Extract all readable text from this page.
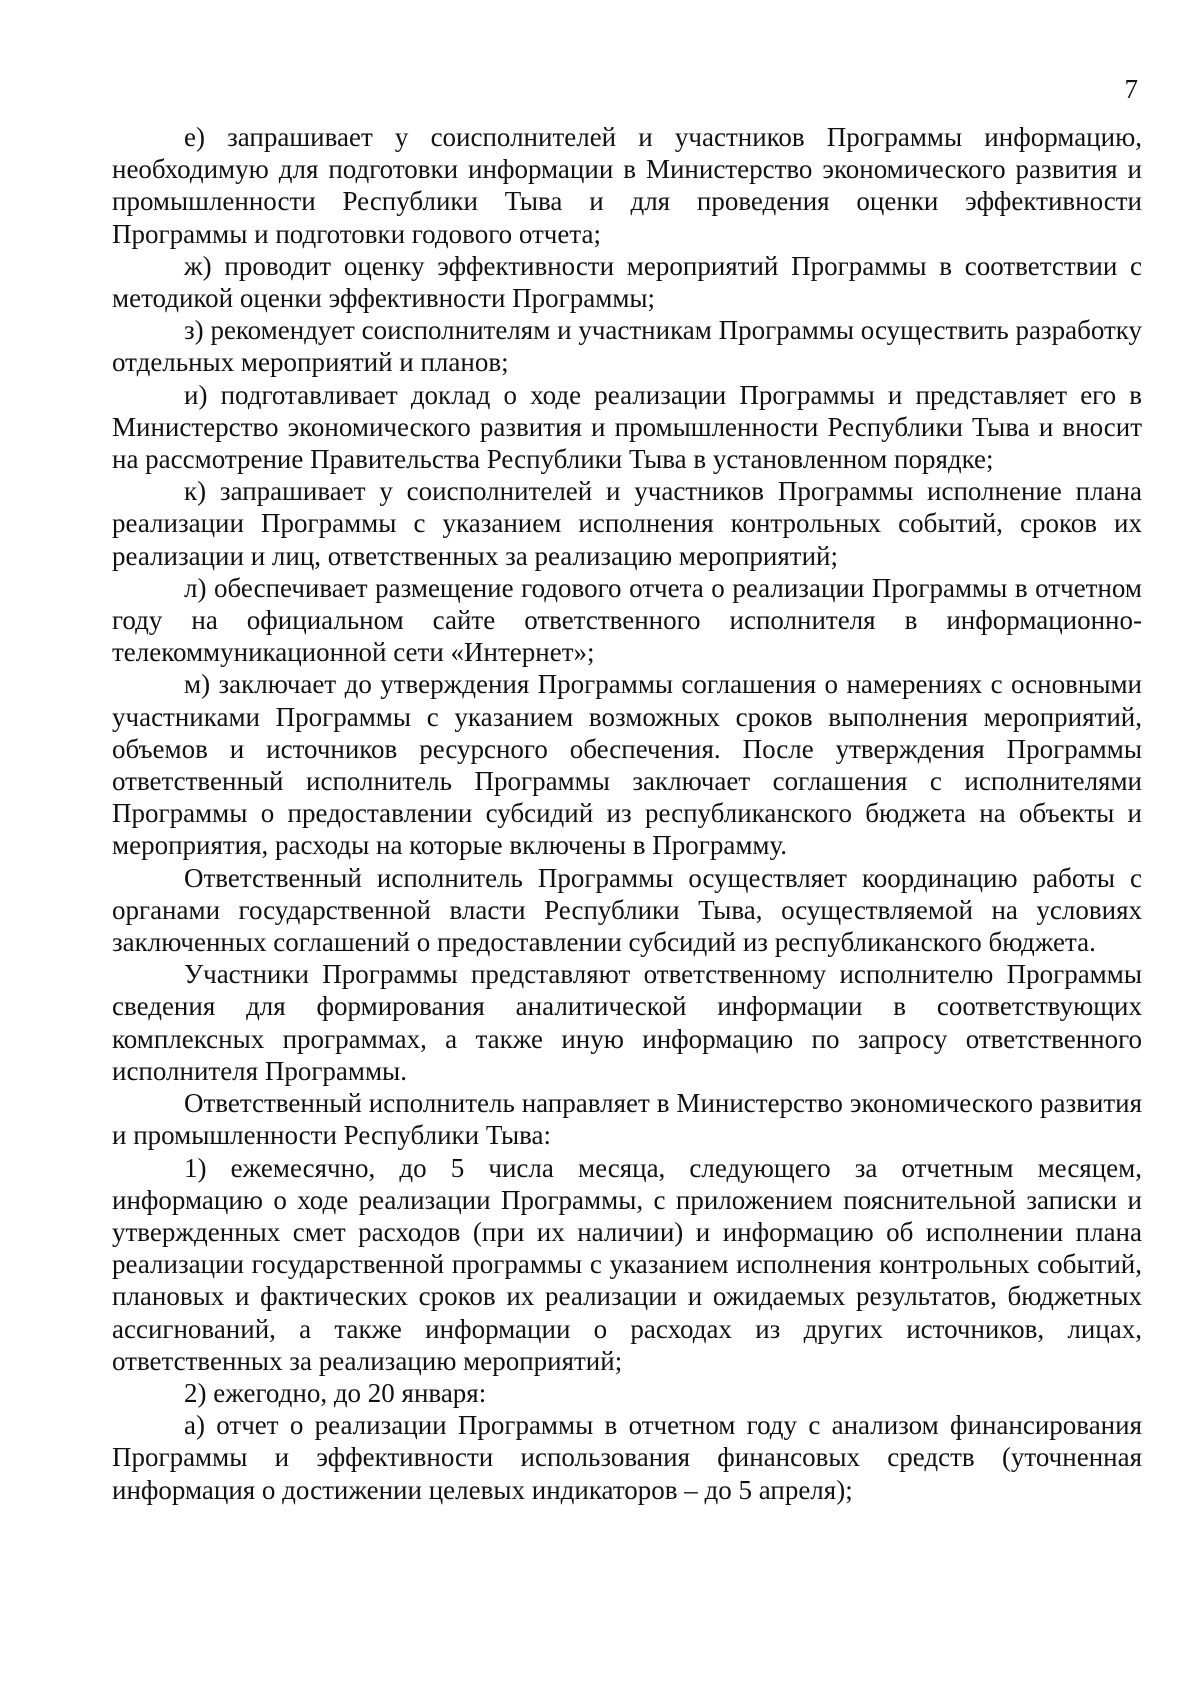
7

е) запрашивает у соисполнителей и участников Программы информацию, необходимую для подготовки информации в Министерство экономического развития и промышленности Республики Тыва и для проведения оценки эффективности Программы и подготовки годового отчета;

ж) проводит оценку эффективности мероприятий Программы в соответствии с методикой оценки эффективности Программы;

з) рекомендует соисполнителям и участникам Программы осуществить разработку отдельных мероприятий и планов;

и) подготавливает доклад о ходе реализации Программы и представляет его в Министерство экономического развития и промышленности Республики Тыва и вносит на рассмотрение Правительства Республики Тыва в установленном порядке;

к) запрашивает у соисполнителей и участников Программы исполнение плана реализации Программы с указанием исполнения контрольных событий, сроков их реализации и лиц, ответственных за реализацию мероприятий;

л) обеспечивает размещение годового отчета о реализации Программы в отчетном году на официальном сайте ответственного исполнителя в информационно-телекоммуникационной сети «Интернет»;

м) заключает до утверждения Программы соглашения о намерениях с основными участниками Программы с указанием возможных сроков выполнения мероприятий, объемов и источников ресурсного обеспечения. После утверждения Программы ответственный исполнитель Программы заключает соглашения с исполнителями Программы о предоставлении субсидий из республиканского бюджета на объекты и мероприятия, расходы на которые включены в Программу.

Ответственный исполнитель Программы осуществляет координацию работы с органами государственной власти Республики Тыва, осуществляемой на условиях заключенных соглашений о предоставлении субсидий из республиканского бюджета.

Участники Программы представляют ответственному исполнителю Программы сведения для формирования аналитической информации в соответствующих комплексных программах, а также иную информацию по запросу ответственного исполнителя Программы.

Ответственный исполнитель направляет в Министерство экономического развития и промышленности Республики Тыва:

1) ежемесячно, до 5 числа месяца, следующего за отчетным месяцем, информацию о ходе реализации Программы, с приложением пояснительной записки и утвержденных смет расходов (при их наличии) и информацию об исполнении плана реализации государственной программы с указанием исполнения контрольных событий, плановых и фактических сроков их реализации и ожидаемых результатов, бюджетных ассигнований, а также информации о расходах из других источников, лицах, ответственных за реализацию мероприятий;

2) ежегодно, до 20 января:

а) отчет о реализации Программы в отчетном году с анализом финансирования Программы и эффективности использования финансовых средств (уточненная информация о достижении целевых индикаторов – до 5 апреля);
